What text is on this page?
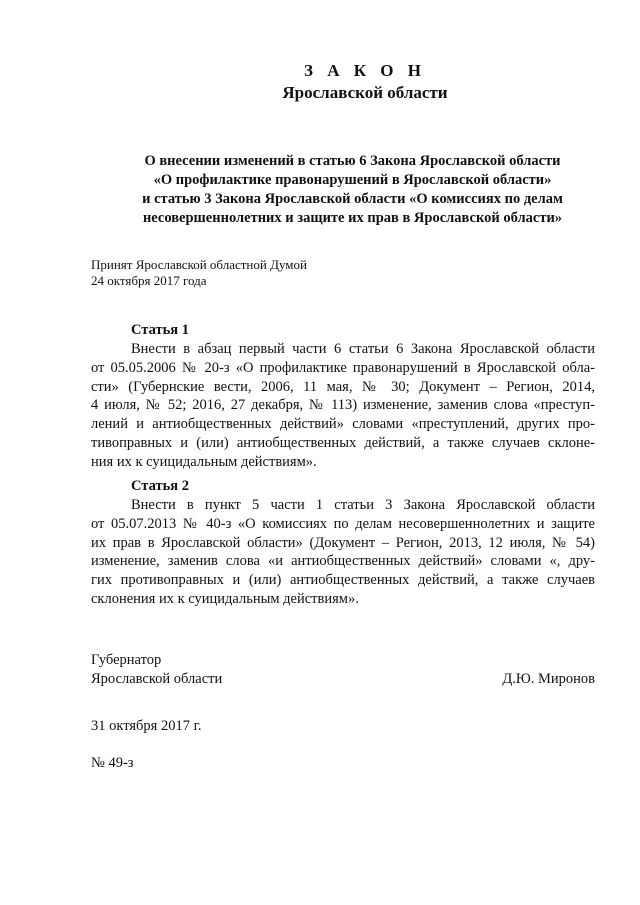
З А К О Н
Ярославской области
О внесении изменений в статью 6 Закона Ярославской области
«О профилактике правонарушений в Ярославской области»
и статью 3 Закона Ярославской области «О комиссиях по делам
несовершеннолетних и защите их прав в Ярославской области»
Принят Ярославской областной Думой
24 октября 2017 года
Статья 1
Внести в абзац первый части 6 статьи 6 Закона Ярославской области
от 05.05.2006 № 20-з «О профилактике правонарушений в Ярославской обла-
сти» (Губернские вести, 2006, 11 мая, № 30; Документ – Регион, 2014,
4 июля, № 52; 2016, 27 декабря, № 113) изменение, заменив слова «преступ-
лений и антиобщественных действий» словами «преступлений, других про-
тивоправных и (или) антиобщественных действий, а также случаев склоне-
ния их к суицидальным действиям».
Статья 2
Внести в пункт 5 части 1 статьи 3 Закона Ярославской области
от 05.07.2013 № 40-з «О комиссиях по делам несовершеннолетних и защите
их прав в Ярославской области» (Документ – Регион, 2013, 12 июля, № 54)
изменение, заменив слова «и антиобщественных действий» словами «, дру-
гих противоправных и (или) антиобщественных действий, а также случаев
склонения их к суицидальным действиям».
Губернатор
Ярославской области	Д.Ю. Миронов
31 октября 2017 г.
№ 49-з
